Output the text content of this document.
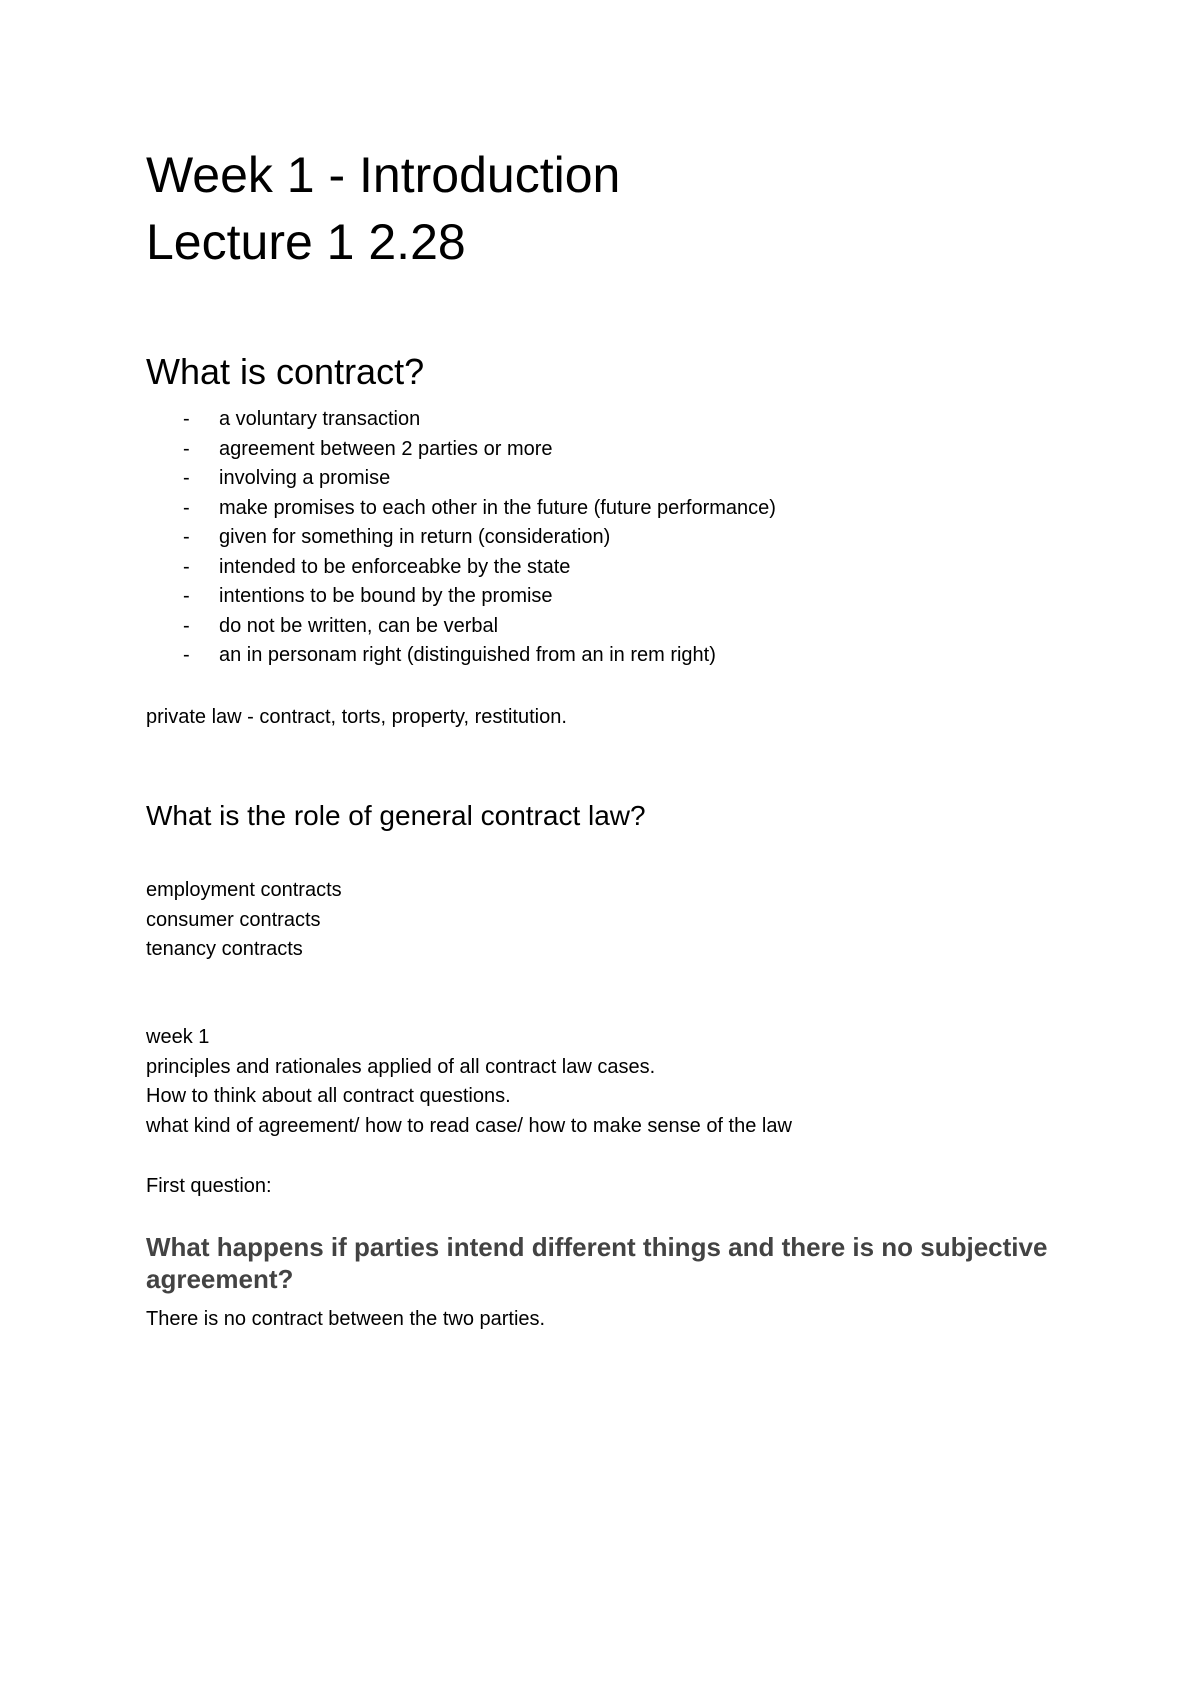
Week 1 - Introduction
Lecture 1 2.28
What is contract?
- a voluntary transaction
- agreement between 2 parties or more
- involving a promise
- make promises to each other in the future (future performance)
- given for something in return (consideration)
- intended to be enforceabke by the state
- intentions to be bound by the promise
- do not be written, can be verbal
- an in personam right (distinguished from an in rem right)
private law - contract, torts, property, restitution.
What is the role of general contract law?
employment contracts
consumer contracts
tenancy contracts
week 1
principles and rationales applied of all contract law cases.
How to think about all contract questions.
what kind of agreement/ how to read case/ how to make sense of the law
First question:
What happens if parties intend different things and there is no subjective agreement?
There is no contract between the two parties.
